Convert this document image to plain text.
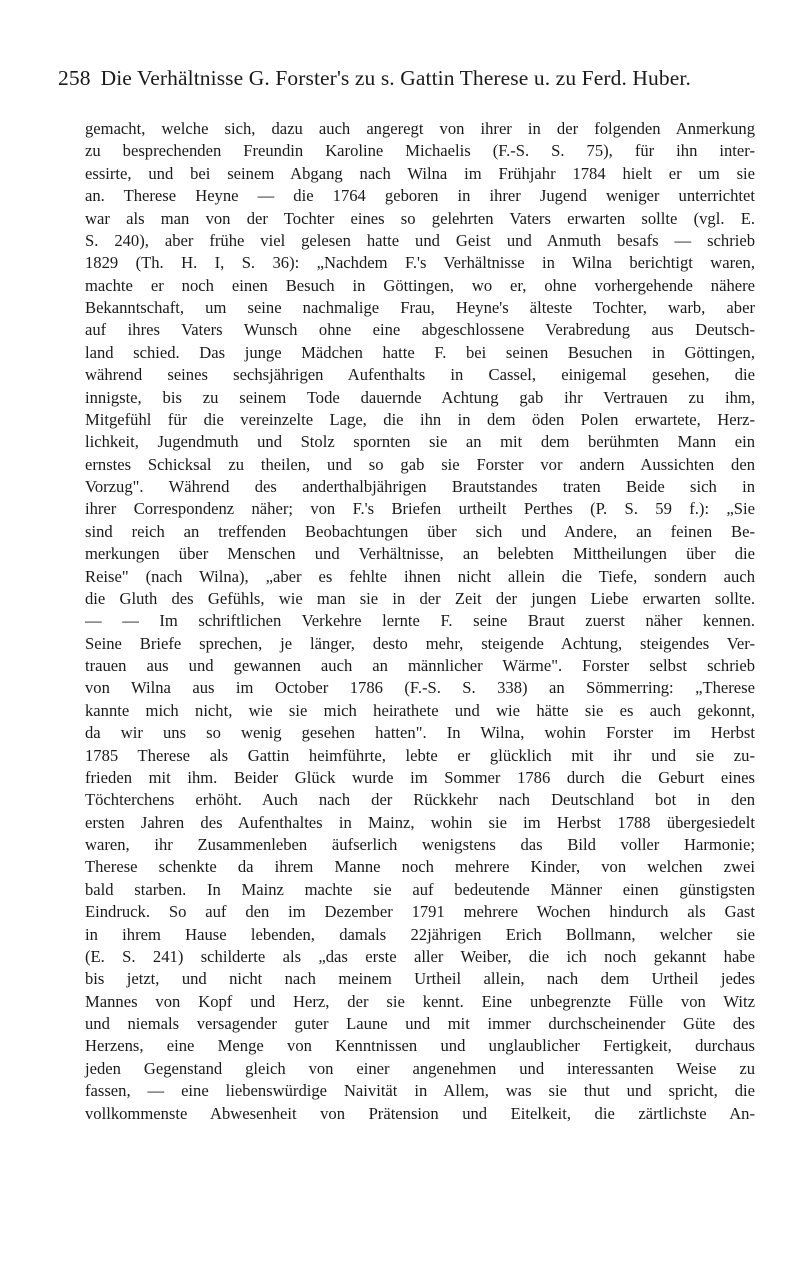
258 Die Verhältnisse G. Forster's zu s. Gattin Therese u. zu Ferd. Huber.
gemacht, welche sich, dazu auch angeregt von ihrer in der folgenden Anmerkung
zu besprechenden Freundin Karoline Michaelis (F.-S. S. 75), für ihn inter-
essirte, und bei seinem Abgang nach Wilna im Frühjahr 1784 hielt er um sie
an. Therese Heyne — die 1764 geboren in ihrer Jugend weniger unterrichtet
war als man von der Tochter eines so gelehrten Vaters erwarten sollte (vgl. E.
S. 240), aber frühe viel gelesen hatte und Geist und Anmuth besafs — schrieb
1829 (Th. H. I, S. 36): „Nachdem F.'s Verhältnisse in Wilna berichtigt waren,
machte er noch einen Besuch in Göttingen, wo er, ohne vorhergehende nähere
Bekanntschaft, um seine nachmalige Frau, Heyne's älteste Tochter, warb, aber
auf ihres Vaters Wunsch ohne eine abgeschlossene Verabredung aus Deutsch-
land schied. Das junge Mädchen hatte F. bei seinen Besuchen in Göttingen,
während seines sechsjährigen Aufenthalts in Cassel, einigemal gesehen, die
innigste, bis zu seinem Tode dauernde Achtung gab ihr Vertrauen zu ihm,
Mitgefühl für die vereinzelte Lage, die ihn in dem öden Polen erwartete, Herz-
lichkeit, Jugendmuth und Stolz spornten sie an mit dem berühmten Mann ein
ernstes Schicksal zu theilen, und so gab sie Forster vor andern Aussichten den
Vorzug". Während des anderthalbjährigen Brautstandes traten Beide sich in
ihrer Correspondenz näher; von F.'s Briefen urtheilt Perthes (P. S. 59 f.): „Sie
sind reich an treffenden Beobachtungen über sich und Andere, an feinen Be-
merkungen über Menschen und Verhältnisse, an belebten Mittheilungen über die
Reise" (nach Wilna), „aber es fehlte ihnen nicht allein die Tiefe, sondern auch
die Gluth des Gefühls, wie man sie in der Zeit der jungen Liebe erwarten sollte.
— — Im schriftlichen Verkehre lernte F. seine Braut zuerst näher kennen.
Seine Briefe sprechen, je länger, desto mehr, steigende Achtung, steigendes Ver-
trauen aus und gewannen auch an männlicher Wärme". Forster selbst schrieb
von Wilna aus im October 1786 (F.-S. S. 338) an Sömmerring: „Therese
kannte mich nicht, wie sie mich heirathete und wie hätte sie es auch gekonnt,
da wir uns so wenig gesehen hatten". In Wilna, wohin Forster im Herbst
1785 Therese als Gattin heimführte, lebte er glücklich mit ihr und sie zu-
frieden mit ihm. Beider Glück wurde im Sommer 1786 durch die Geburt eines
Töchterchens erhöht. Auch nach der Rückkehr nach Deutschland bot in den
ersten Jahren des Aufenthaltes in Mainz, wohin sie im Herbst 1788 übergesiedelt
waren, ihr Zusammenleben äufserlich wenigstens das Bild voller Harmonie;
Therese schenkte da ihrem Manne noch mehrere Kinder, von welchen zwei
bald starben. In Mainz machte sie auf bedeutende Männer einen günstigsten
Eindruck. So auf den im Dezember 1791 mehrere Wochen hindurch als Gast
in ihrem Hause lebenden, damals 22jährigen Erich Bollmann, welcher sie
(E. S. 241) schilderte als „das erste aller Weiber, die ich noch gekannt habe
bis jetzt, und nicht nach meinem Urtheil allein, nach dem Urtheil jedes
Mannes von Kopf und Herz, der sie kennt. Eine unbegrenzte Fülle von Witz
und niemals versagender guter Laune und mit immer durchscheinender Güte des
Herzens, eine Menge von Kenntnissen und unglaublicher Fertigkeit, durchaus
jeden Gegenstand gleich von einer angenehmen und interessanten Weise zu
fassen, — eine liebenswürdige Naivität in Allem, was sie thut und spricht, die
vollkommenste Abwesenheit von Prätension und Eitelkeit, die zärtlichste An-
